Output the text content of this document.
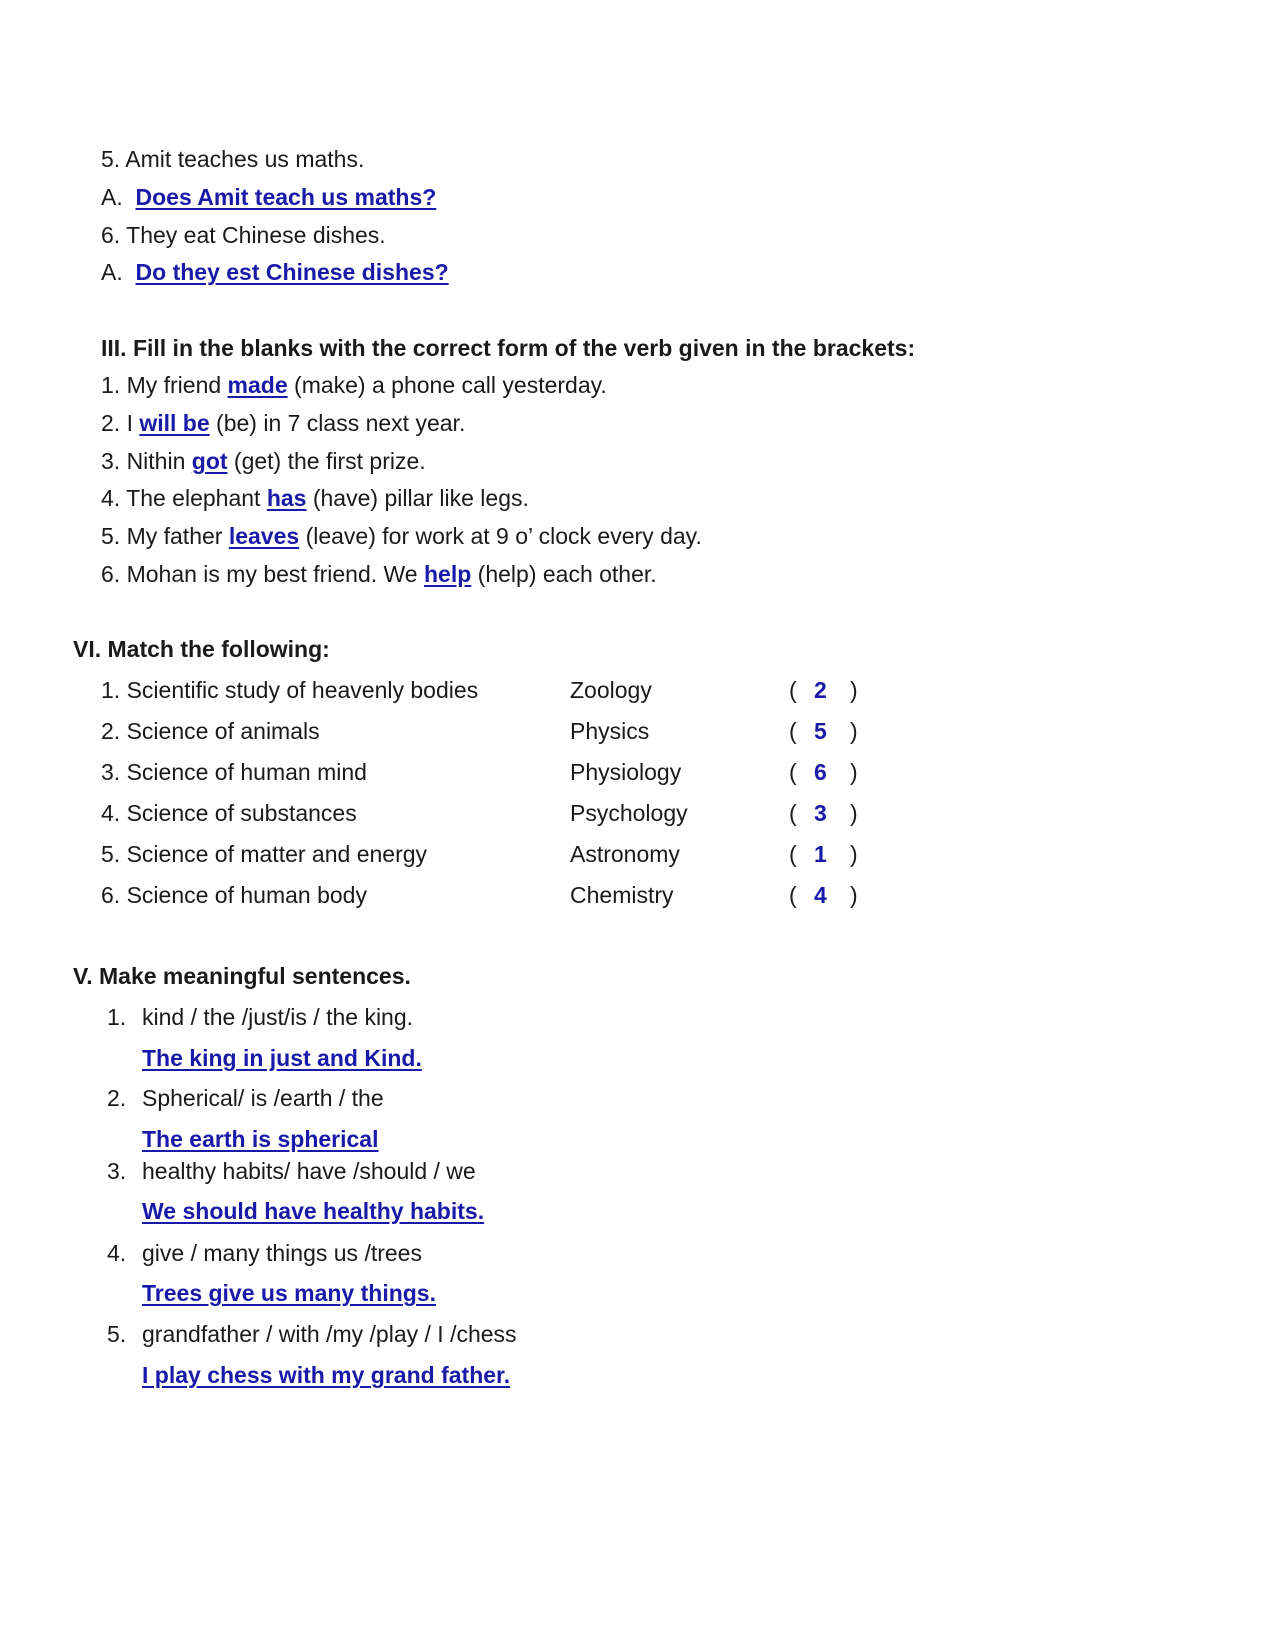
5. Amit teaches us maths.
A. Does Amit teach us maths?
6. They eat Chinese dishes.
A. Do they est Chinese dishes?
III. Fill in the blanks with the correct form of the verb given in the brackets:
1. My friend made (make) a phone call yesterday.
2. I will be (be) in 7 class next year.
3. Nithin got (get) the first prize.
4. The elephant has (have) pillar like legs.
5. My father leaves (leave) for work at 9 o’ clock every day.
6. Mohan is my best friend. We help (help) each other.
VI. Match the following:
1. Scientific study of heavenly bodies	Zoology	( 2 )
2. Science of animals	Physics	( 5 )
3. Science of human mind	Physiology	( 6 )
4. Science of substances	Psychology	( 3 )
5. Science of matter and energy	Astronomy	( 1 )
6. Science of human body	Chemistry	( 4 )
V. Make meaningful sentences.
1. kind / the /just/is / the king.
The king in just and Kind.
2. Spherical/ is /earth / the
The earth is spherical
3. healthy habits/ have /should / we
We should have healthy habits.
4. give / many things us /trees
Trees give us many things.
5. grandfather / with /my /play / I /chess
I play chess with my grand father.
